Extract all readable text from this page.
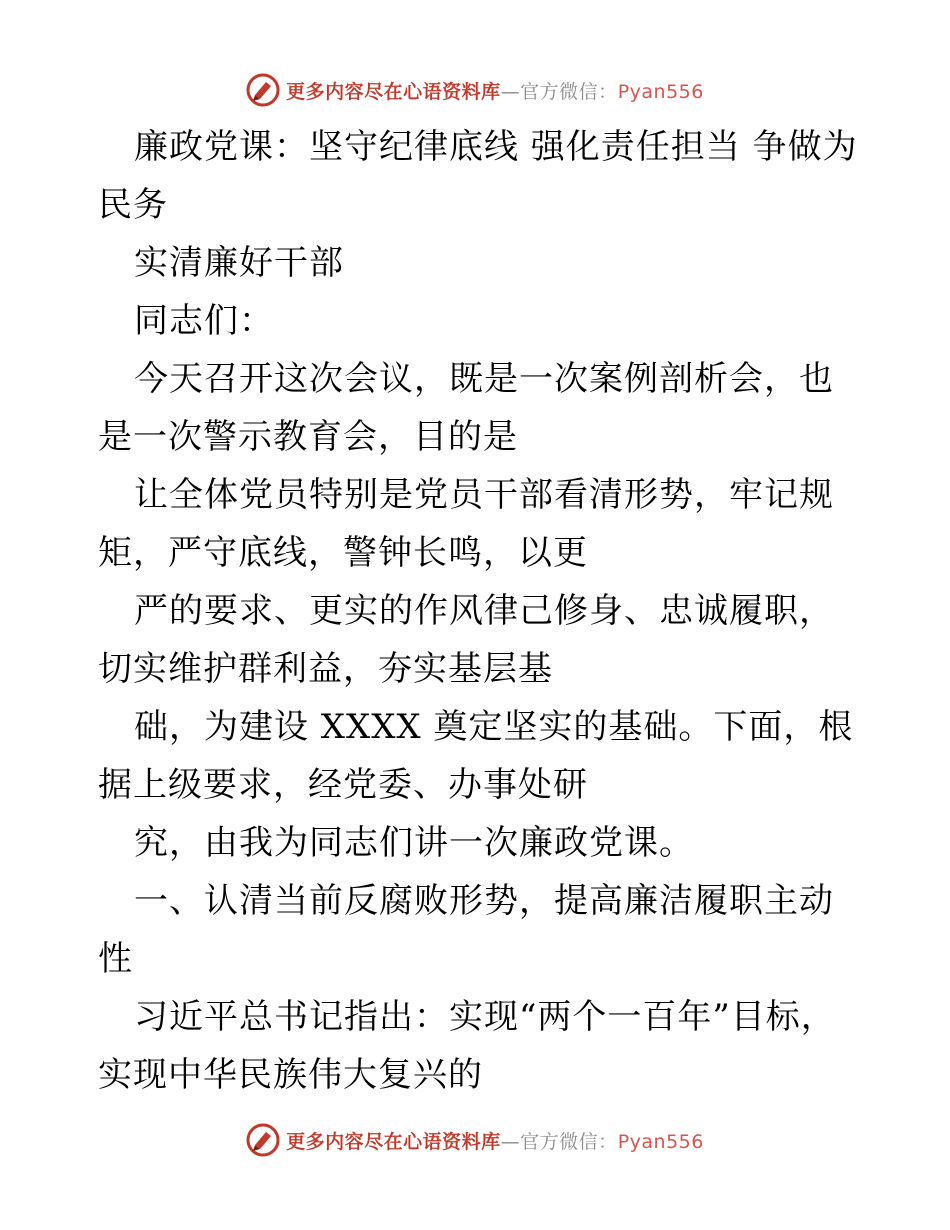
更多内容尽在心语资料库—官方微信：Pyan556

廉政党课：坚守纪律底线 强化责任担当 争做为民务

实清廉好干部

同志们：

今天召开这次会议，既是一次案例剖析会，也是一次警示教育会，目的是

让全体党员特别是党员干部看清形势，牢记规矩，严守底线，警钟长鸣，以更

严的要求、更实的作风律己修身、忠诚履职，切实维护群利益，夯实基层基

础，为建设 XXXX 奠定坚实的基础。下面，根据上级要求，经党委、办事处研

究，由我为同志们讲一次廉政党课。

一、认清当前反腐败形势，提高廉洁履职主动性

习近平总书记指出：实现“两个一百年”目标，实现中华民族伟大复兴的

更多内容尽在心语资料库—官方微信：Pyan556
